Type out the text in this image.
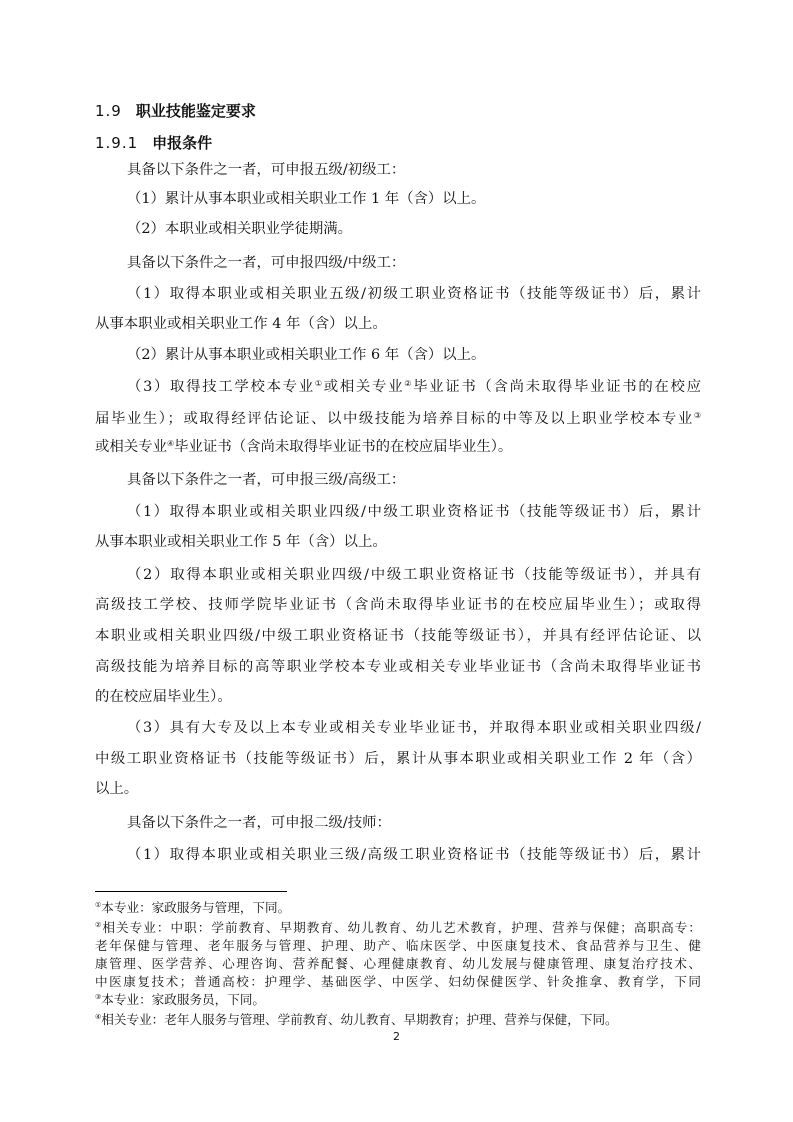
1.9 职业技能鉴定要求
1.9.1 申报条件
具备以下条件之一者，可申报五级/初级工：
（1）累计从事本职业或相关职业工作 1 年（含）以上。
（2）本职业或相关职业学徒期满。
具备以下条件之一者，可申报四级/中级工：
（1）取得本职业或相关职业五级/初级工职业资格证书（技能等级证书）后，累计
从事本职业或相关职业工作 4 年（含）以上。
（2）累计从事本职业或相关职业工作 6 年（含）以上。
（3）取得技工学校本专业①或相关专业②毕业证书（含尚未取得毕业证书的在校应
届毕业生）；或取得经评估论证、以中级技能为培养目标的中等及以上职业学校本专业③
或相关专业④毕业证书（含尚未取得毕业证书的在校应届毕业生）。
具备以下条件之一者，可申报三级/高级工：
（1）取得本职业或相关职业四级/中级工职业资格证书（技能等级证书）后，累计
从事本职业或相关职业工作 5 年（含）以上。
（2）取得本职业或相关职业四级/中级工职业资格证书（技能等级证书），并具有
高级技工学校、技师学院毕业证书（含尚未取得毕业证书的在校应届毕业生）；或取得
本职业或相关职业四级/中级工职业资格证书（技能等级证书），并具有经评估论证、以
高级技能为培养目标的高等职业学校本专业或相关专业毕业证书（含尚未取得毕业证书
的在校应届毕业生）。
（3）具有大专及以上本专业或相关专业毕业证书，并取得本职业或相关职业四级/
中级工职业资格证书（技能等级证书）后，累计从事本职业或相关职业工作 2 年（含）
以上。
具备以下条件之一者，可申报二级/技师：
（1）取得本职业或相关职业三级/高级工职业资格证书（技能等级证书）后，累计
①本专业：家政服务与管理，下同。
②相关专业：中职：学前教育、早期教育、幼儿教育、幼儿艺术教育，护理、营养与保健；高职高专：
老年保健与管理、老年服务与管理、护理、助产、临床医学、中医康复技术、食品营养与卫生、健
康管理、医学营养、心理咨询、营养配餐、心理健康教育、幼儿发展与健康管理、康复治疗技术、
中医康复技术；普通高校：护理学、基础医学、中医学、妇幼保健医学、针灸推拿、教育学，下同
③本专业：家政服务员，下同。
④相关专业：老年人服务与管理、学前教育、幼儿教育、早期教育；护理、营养与保健，下同。
2
